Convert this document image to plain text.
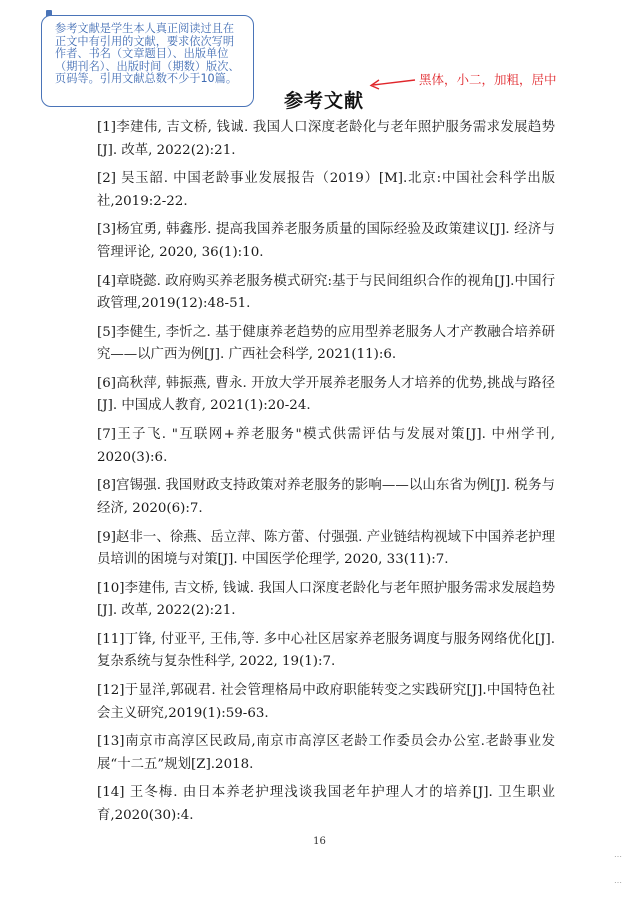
参考文献是学生本人真正阅读过且在正文中有引用的文献，要求依次写明作者、书名（文章题目）、出版单位（期刊名）、出版时间（期数）版次、页码等。引用文献总数不少于10篇。	黑体，小二，加粗，居中
参考文献

[1]李建伟, 吉文桥, 钱诚. 我国人口深度老龄化与老年照护服务需求发展趋势[J]. 改革, 2022(2):21.

[2] 吴玉韶. 中国老龄事业发展报告（2019）[M].北京:中国社会科学出版社,2019:2-22.

[3]杨宜勇, 韩鑫彤. 提高我国养老服务质量的国际经验及政策建议[J]. 经济与管理评论, 2020, 36(1):10.

[4]章晓懿. 政府购买养老服务模式研究:基于与民间组织合作的视角[J].中国行政管理,2019(12):48-51.

[5]李健生, 李忻之. 基于健康养老趋势的应用型养老服务人才产教融合培养研究——以广西为例[J]. 广西社会科学, 2021(11):6.

[6]高秋萍, 韩振燕, 曹永. 开放大学开展养老服务人才培养的优势,挑战与路径[J]. 中国成人教育, 2021(1):20-24.

[7]王子飞. "互联网+养老服务"模式供需评估与发展对策[J]. 中州学刊, 2020(3):6.

[8]宫锡强. 我国财政支持政策对养老服务的影响——以山东省为例[J]. 税务与经济, 2020(6):7.

[9]赵非一、徐燕、岳立萍、陈方蕾、付强强. 产业链结构视域下中国养老护理员培训的困境与对策[J]. 中国医学伦理学, 2020, 33(11):7.

[10]李建伟, 吉文桥, 钱诚. 我国人口深度老龄化与老年照护服务需求发展趋势[J]. 改革, 2022(2):21.

[11]丁锋, 付亚平, 王伟,等. 多中心社区居家养老服务调度与服务网络优化[J]. 复杂系统与复杂性科学, 2022, 19(1):7.

[12]于显洋,郭砚君. 社会管理格局中政府职能转变之实践研究[J].中国特色社会主义研究,2019(1):59-63.

[13]南京市高淳区民政局,南京市高淳区老龄工作委员会办公室.老龄事业发展“十二五”规划[Z].2018.

[14] 王冬梅. 由日本养老护理浅谈我国老年护理人才的培养[J]. 卫生职业育,2020(30):4.

16
⋯
⋯
